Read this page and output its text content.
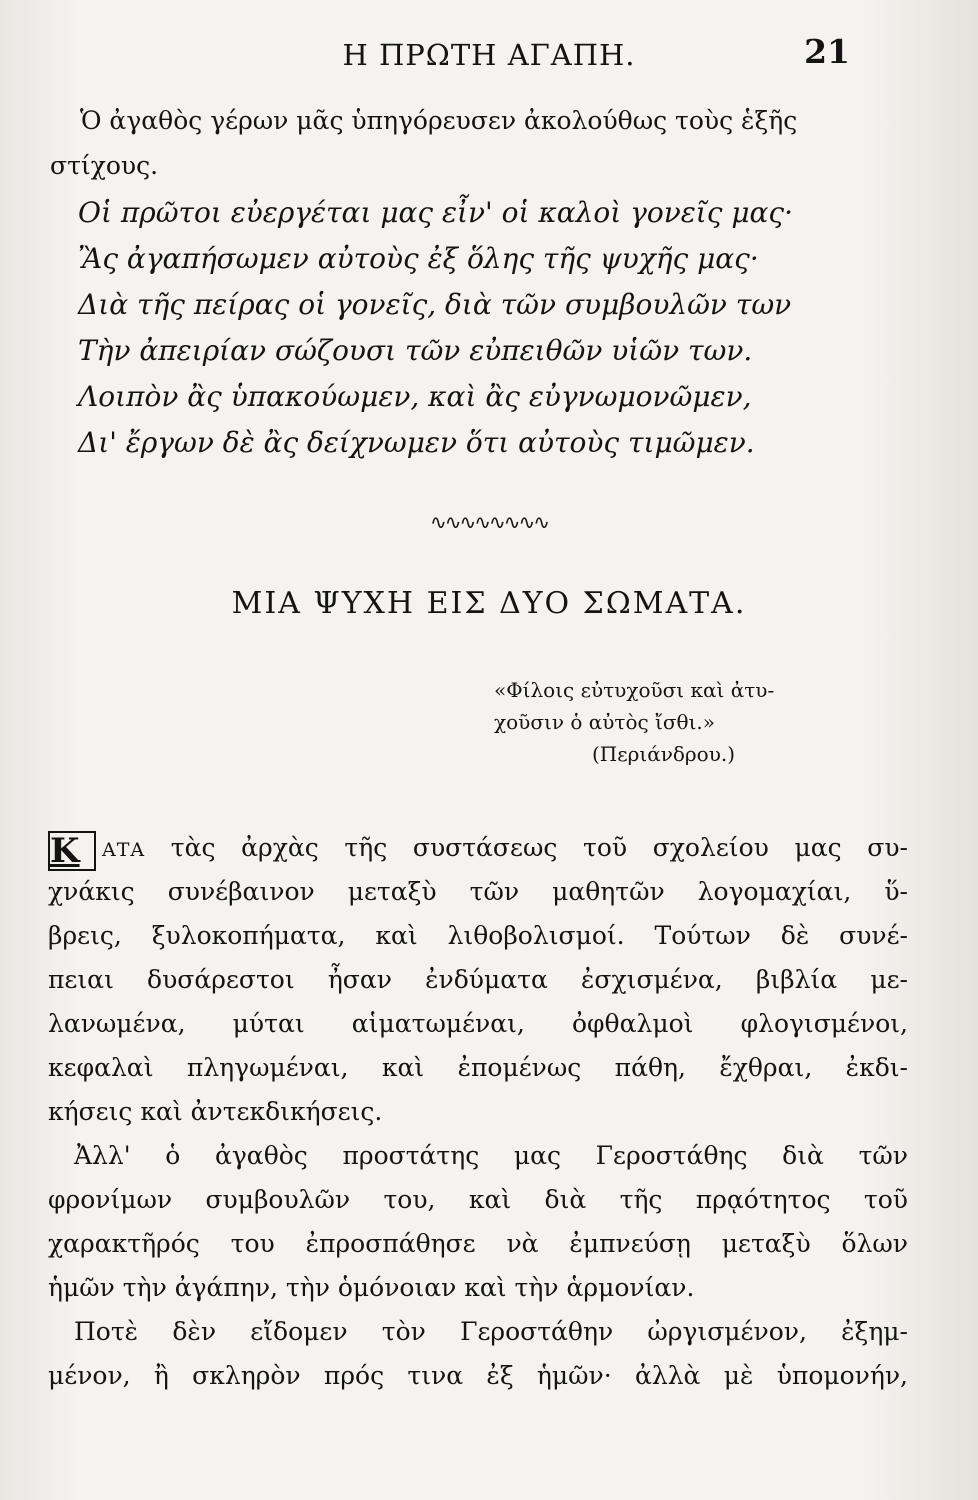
Η ΠΡΩΤΗ ΑΓΑΠΗ.	21
Ὁ ἀγαθὸς γέρων μᾶς ὑπηγόρευσεν ἀκολούθως τοὺς ἑξῆς στίχους.
Οἱ πρῶτοι εὐεργέται μας εἶν' οἱ καλοὶ γονεῖς μας·
Ἂς ἀγαπήσωμεν αὐτοὺς ἐξ ὅλης τῆς ψυχῆς μας·
Διὰ τῆς πείρας οἱ γονεῖς, διὰ τῶν συμβουλῶν των
Τὴν ἀπειρίαν σώζουσι τῶν εὐπειθῶν υἱῶν των.
Λοιπὸν ἂς ὑπακούωμεν, καὶ ἂς εὐγνωμονῶμεν,
Δι' ἔργων δὲ ἂς δείχνωμεν ὅτι αὐτοὺς τιμῶμεν.
∿∿∿∿∿∿∿∿
ΜΙΑ ΨΥΧΗ ΕΙΣ ΔΥΟ ΣΩΜΑΤΑ.
«Φίλοις εὐτυχοῦσι καὶ ἀτυ-
χοῦσιν ὁ αὐτὸς ἴσθι.»
(Περιάνδρου.)
K ΑΤΑ τὰς ἀρχὰς τῆς συστάσεως τοῦ σχολείου μας συ-
χνάκις συνέβαινον μεταξὺ τῶν μαθητῶν λογομαχίαι, ὕ-
βρεις, ξυλοκοπήματα, καὶ λιθοβολισμοί. Τούτων δὲ συνέ-
πειαι δυσάρεστοι ἦσαν ἐνδύματα ἐσχισμένα, βιβλία με-
λανωμένα, μύται αἱματωμέναι, ὀφθαλμοὶ φλογισμένοι,
κεφαλαὶ πληγωμέναι, καὶ ἐπομένως πάθη, ἔχθραι, ἐκδι-
κήσεις καὶ ἀντεκδικήσεις.
Ἀλλ' ὁ ἀγαθὸς προστάτης μας Γεροστάθης διὰ τῶν
φρονίμων συμβουλῶν του, καὶ διὰ τῆς πρᾳότητος τοῦ
χαρακτῆρός του ἐπροσπάθησε νὰ ἐμπνεύσῃ μεταξὺ ὅλων
ἡμῶν τὴν ἀγάπην, τὴν ὁμόνοιαν καὶ τὴν ἁρμονίαν.
Ποτὲ δὲν εἴδομεν τὸν Γεροστάθην ὠργισμένον, ἐξημ-
μένον, ἢ σκληρὸν πρός τινα ἐξ ἡμῶν· ἀλλὰ μὲ ὑπομονήν,
